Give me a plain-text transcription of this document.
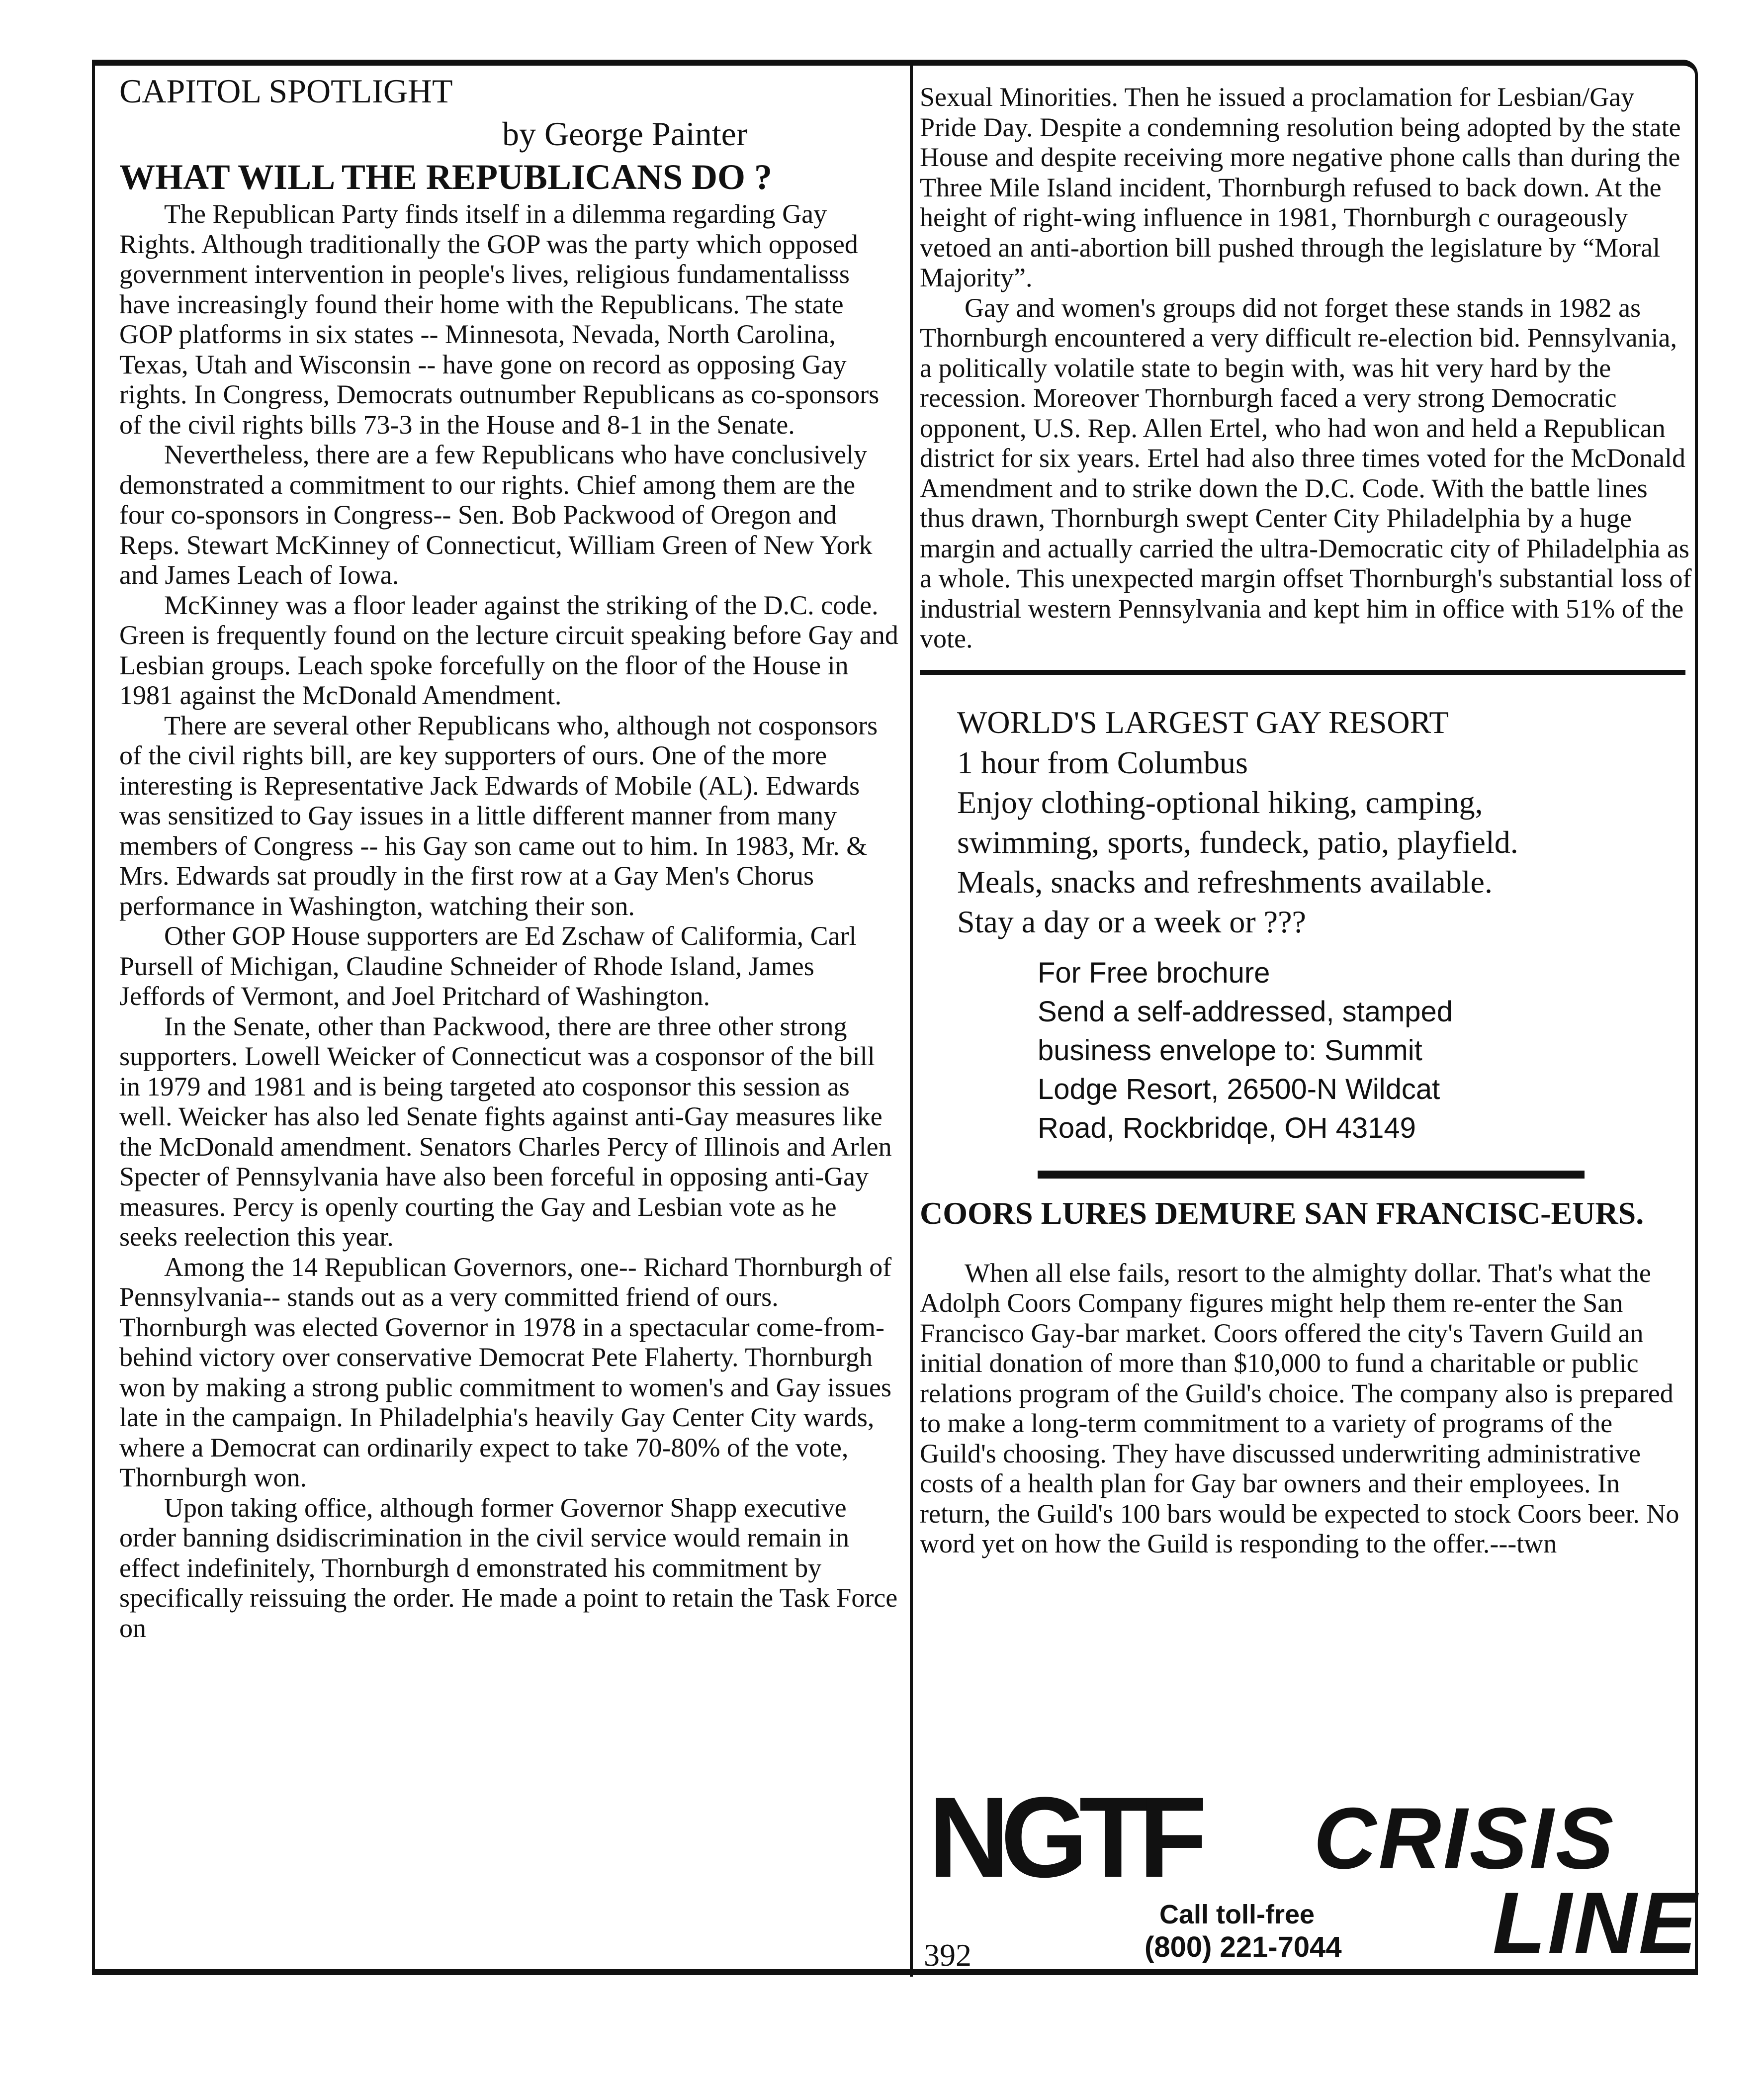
CAPITOL SPOTLIGHT
by George Painter
WHAT WILL THE REPUBLICANS DO ?

The Republican Party finds itself in a dilemma regarding Gay Rights. Although traditionally the GOP was the party which opposed government intervention in people's lives, religious fundamentalisss have increasingly found their home with the Republicans. The state GOP platforms in six states -- Minnesota, Nevada, North Carolina, Texas, Utah and Wisconsin -- have gone on record as opposing Gay rights. In Congress, Democrats outnumber Republicans as co-sponsors of the civil rights bills 73-3 in the House and 8-1 in the Senate.

Nevertheless, there are a few Republicans who have conclusively demonstrated a commitment to our rights. Chief among them are the four co-sponsors in Congress-- Sen. Bob Packwood of Oregon and Reps. Stewart McKinney of Connecticut, William Green of New York and James Leach of Iowa.

McKinney was a floor leader against the striking of the D.C. code. Green is frequently found on the lecture circuit speaking before Gay and Lesbian groups. Leach spoke forcefully on the floor of the House in 1981 against the McDonald Amendment.

There are several other Republicans who, although not cosponsors of the civil rights bill, are key supporters of ours. One of the more interesting is Representative Jack Edwards of Mobile (AL). Edwards was sensitized to Gay issues in a little different manner from many members of Congress -- his Gay son came out to him. In 1983, Mr. & Mrs. Edwards sat proudly in the first row at a Gay Men's Chorus performance in Washington, watching their son.

Other GOP House supporters are Ed Zschaw of Califormia, Carl Pursell of Michigan, Claudine Schneider of Rhode Island, James Jeffords of Vermont, and Joel Pritchard of Washington.

In the Senate, other than Packwood, there are three other strong supporters. Lowell Weicker of Connecticut was a cosponsor of the bill in 1979 and 1981 and is being targeted ato cosponsor this session as well. Weicker has also led Senate fights against anti-Gay measures like the McDonald amendment. Senators Charles Percy of Illinois and Arlen Specter of Pennsylvania have also been forceful in opposing anti-Gay measures. Percy is openly courting the Gay and Lesbian vote as he seeks reelection this year.

Among the 14 Republican Governors, one-- Richard Thornburgh of Pennsylvania-- stands out as a very committed friend of ours. Thornburgh was elected Governor in 1978 in a spectacular come-from-behind victory over conservative Democrat Pete Flaherty. Thornburgh won by making a strong public commitment to women's and Gay issues late in the campaign. In Philadelphia's heavily Gay Center City wards, where a Democrat can ordinarily expect to take 70-80% of the vote, Thornburgh won.

Upon taking office, although former Governor Shapp executive order banning dsidiscrimination in the civil service would remain in effect indefinitely, Thornburgh d emonstrated his commitment by specifically reissuing the order. He made a point to retain the Task Force on

Sexual Minorities. Then he issued a proclamation for Lesbian/Gay Pride Day. Despite a condemning resolution being adopted by the state House and despite receiving more negative phone calls than during the Three Mile Island incident, Thornburgh refused to back down. At the height of right-wing influence in 1981, Thornburgh c ourageously vetoed an anti-abortion bill pushed through the legislature by “Moral Majority”.

Gay and women's groups did not forget these stands in 1982 as Thornburgh encountered a very difficult re-election bid. Pennsylvania, a politically volatile state to begin with, was hit very hard by the recession. Moreover Thornburgh faced a very strong Democratic opponent, U.S. Rep. Allen Ertel, who had won and held a Republican district for six years. Ertel had also three times voted for the McDonald Amendment and to strike down the D.C. Code. With the battle lines thus drawn, Thornburgh swept Center City Philadelphia by a huge margin and actually carried the ultra-Democratic city of Philadelphia as a whole. This unexpected margin offset Thornburgh's substantial loss of industrial western Pennsylvania and kept him in office with 51% of the vote.

WORLD'S LARGEST GAY RESORT
1 hour from Columbus
Enjoy clothing-optional hiking, camping,
swimming, sports, fundeck, patio, playfield.
Meals, snacks and refreshments available.
Stay a day or a week or ???
For Free brochure
Send a self-addressed, stamped
business envelope to: Summit
Lodge Resort, 26500-N Wildcat
Road, Rockbridqe, OH 43149
COORS LURES DEMURE SAN FRANCISC-EURS.

When all else fails, resort to the almighty dollar. That's what the Adolph Coors Company figures might help them re-enter the San Francisco Gay-bar market. Coors offered the city's Tavern Guild an initial donation of more than $10,000 to fund a charitable or public relations program of the Guild's choice. The company also is prepared to make a long-term commitment to a variety of programs of the Guild's choosing. They have discussed underwriting administrative costs of a health plan for Gay bar owners and their employees. In return, the Guild's 100 bars would be expected to stock Coors beer. No word yet on how the Guild is responding to the offer.---twn

NGTF CRISIS
LINE
Call toll-free
(800) 221-7044
392
